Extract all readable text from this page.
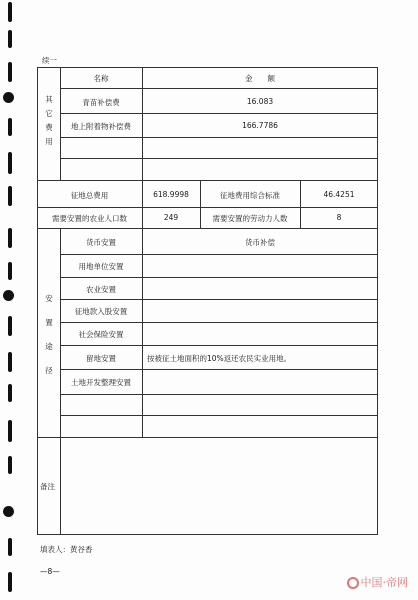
续一
其它费用
名称	金　　额
青苗补偿费	16.083
地上附着物补偿费	166.7786
征地总费用	618.9998	征地费用综合标准	46.4251
需要安置的农业人口数	249	需要安置的劳动力人数	8
安置途径
货币安置	货币补偿
用地单位安置
农业安置
征地款入股安置
社会保险安置
留地安置	按被征土地面积的10%返还农民实业用地。
土地开发整理安置
备注
填表人：黄谷香
—8—
中国·帝网
